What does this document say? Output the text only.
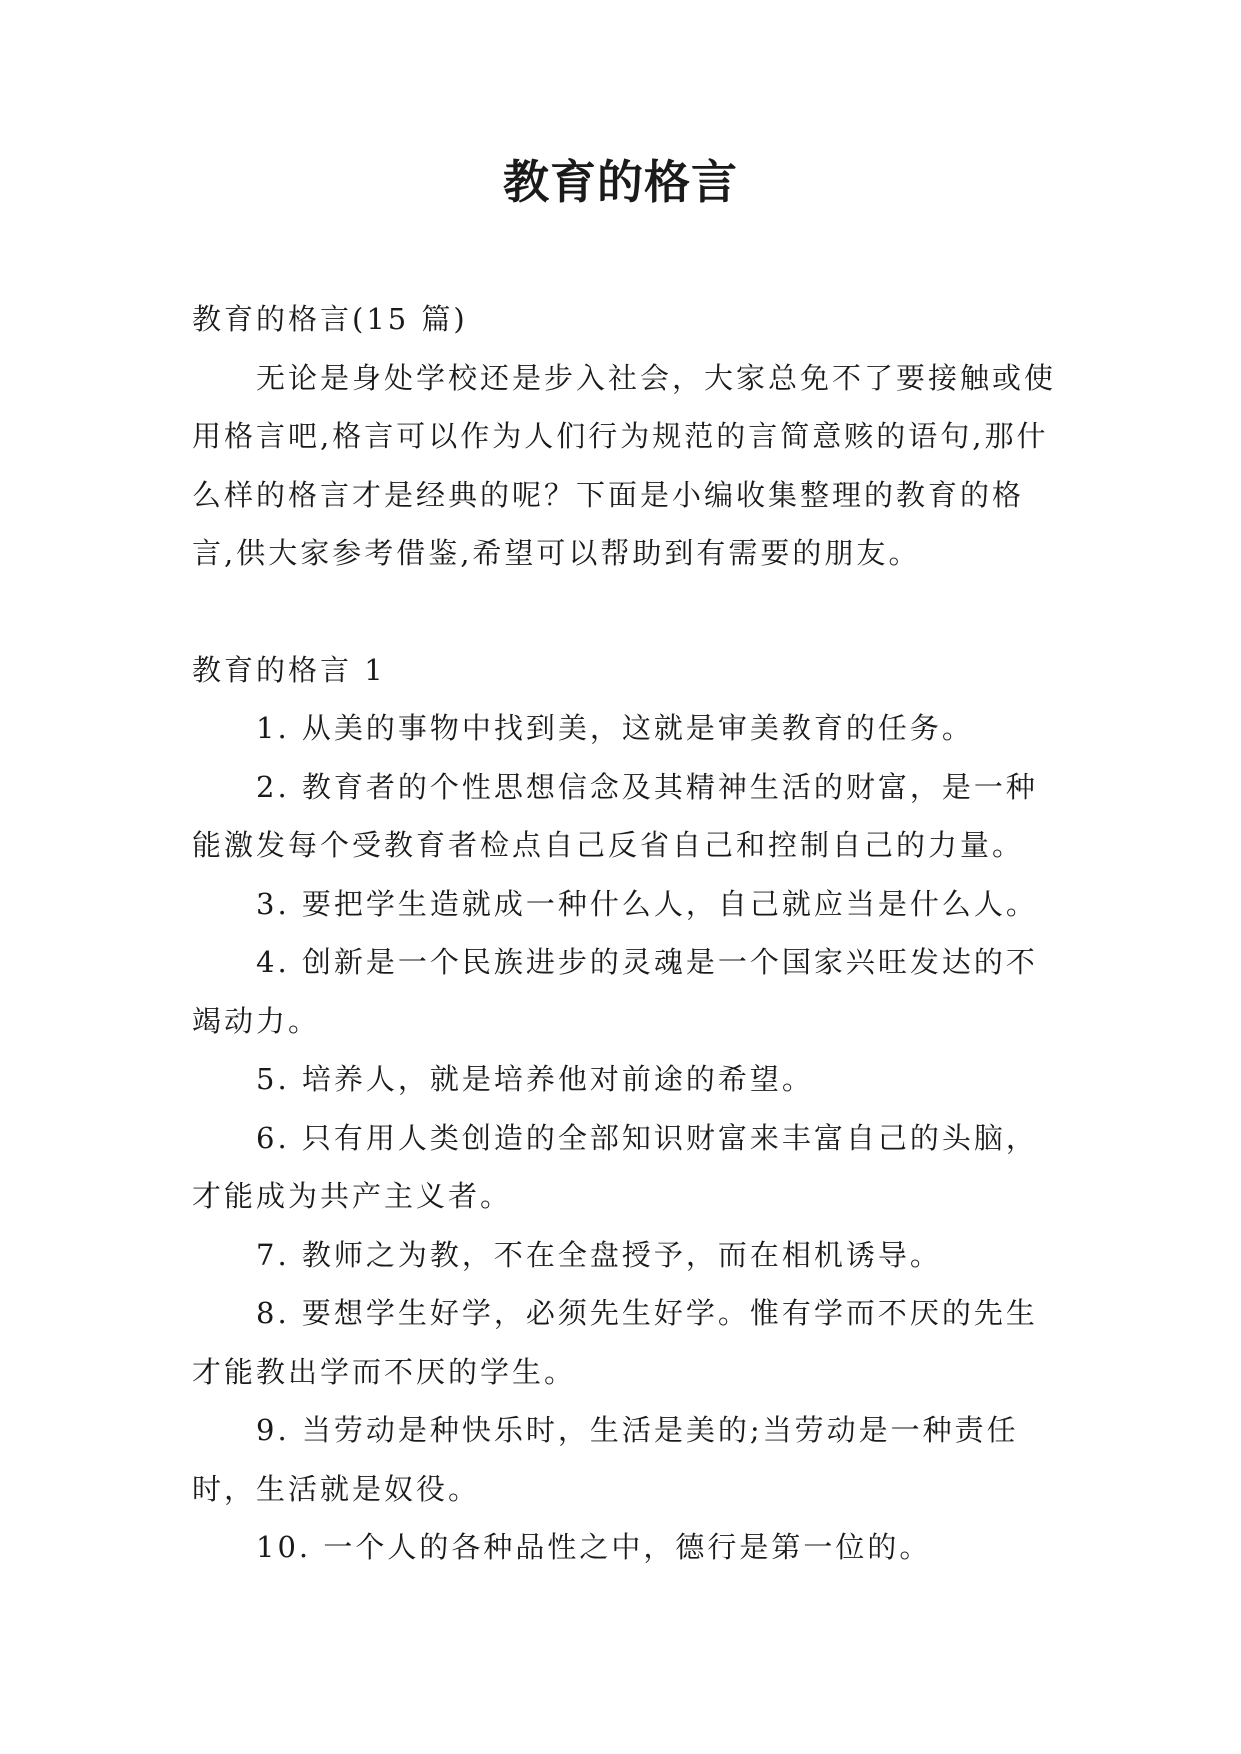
教育的格言

教育的格言(15 篇)

无论是身处学校还是步入社会，大家总免不了要接触或使用格言吧,格言可以作为人们行为规范的言简意赅的语句,那什么样的格言才是经典的呢？下面是小编收集整理的教育的格言,供大家参考借鉴,希望可以帮助到有需要的朋友。

教育的格言 1

1. 从美的事物中找到美，这就是审美教育的任务。

2. 教育者的个性思想信念及其精神生活的财富，是一种能激发每个受教育者检点自己反省自己和控制自己的力量。

3. 要把学生造就成一种什么人，自己就应当是什么人。

4. 创新是一个民族进步的灵魂是一个国家兴旺发达的不竭动力。

5. 培养人，就是培养他对前途的希望。

6. 只有用人类创造的全部知识财富来丰富自己的头脑，才能成为共产主义者。

7. 教师之为教，不在全盘授予，而在相机诱导。

8. 要想学生好学，必须先生好学。惟有学而不厌的先生才能教出学而不厌的学生。

9. 当劳动是种快乐时，生活是美的;当劳动是一种责任时，生活就是奴役。

10. 一个人的各种品性之中，德行是第一位的。
